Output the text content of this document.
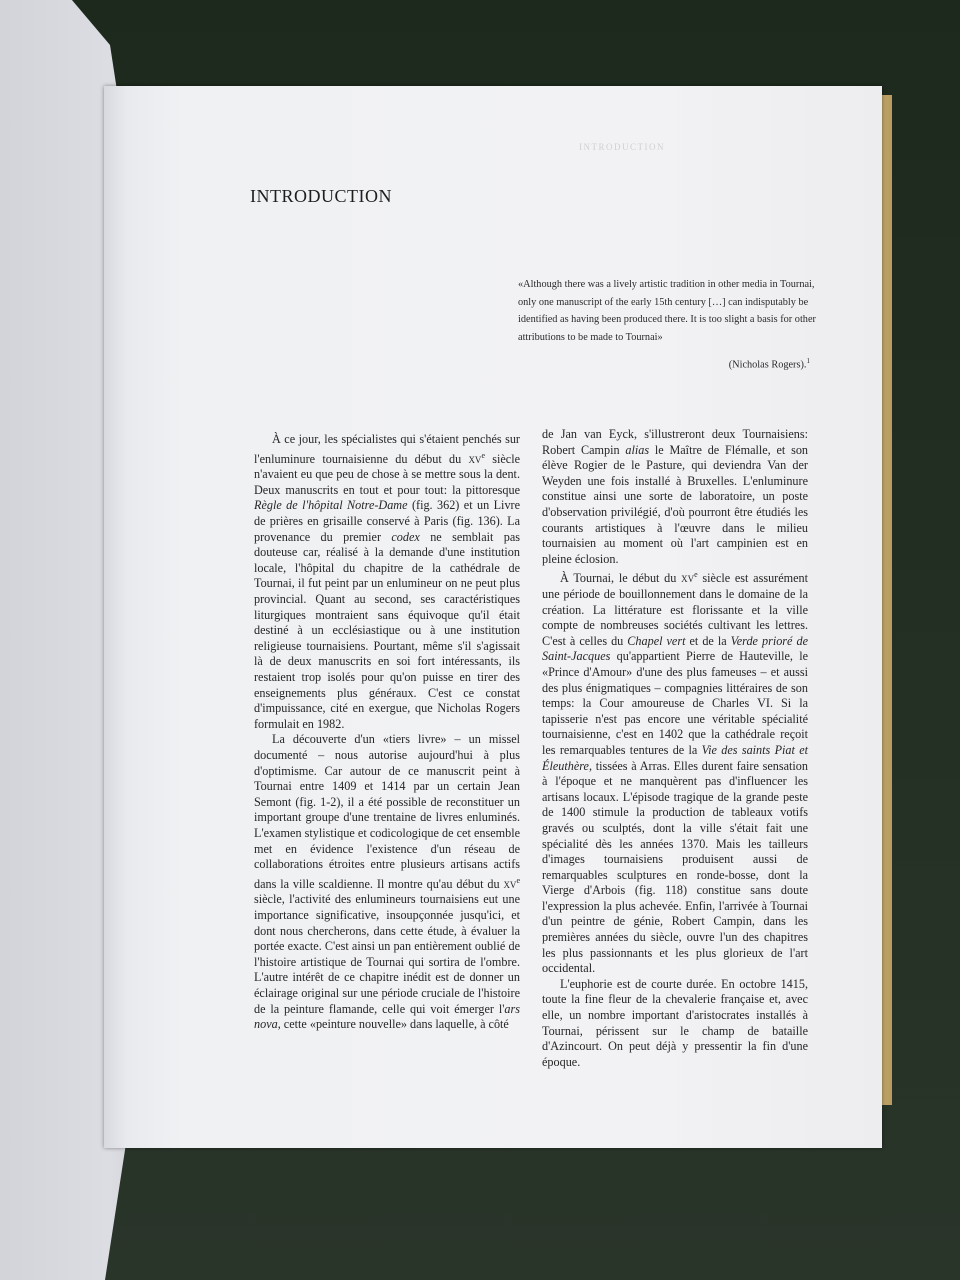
INTRODUCTION
INTRODUCTION

«Although there was a lively artistic tradition in other media in Tournai, only one manuscript of the early 15th century […] can indisputably be identified as having been produced there. It is too slight a basis for other attributions to be made to Tournai»

(Nicholas Rogers).$^1$

À ce jour, les spécialistes qui s'étaient penchés sur l'enluminure tournaisienne du début du $xv^e$ siècle n'avaient eu que peu de chose à se mettre sous la dent. Deux manuscrits en tout et pour tout: la pittoresque Règle de l'hôpital Notre-Dame (fig. 362) et un Livre de prières en grisaille conservé à Paris (fig. 136). La provenance du premier codex ne semblait pas douteuse car, réalisé à la demande d'une institution locale, l'hôpital du chapitre de la cathédrale de Tournai, il fut peint par un enlumineur on ne peut plus provincial. Quant au second, ses caractéristiques liturgiques montraient sans équivoque qu'il était destiné à un ecclésiastique ou à une institution religieuse tournaisiens. Pourtant, même s'il s'agissait là de deux manuscrits en soi fort intéressants, ils restaient trop isolés pour qu'on puisse en tirer des enseignements plus généraux. C'est ce constat d'impuissance, cité en exergue, que Nicholas Rogers formulait en 1982.

La découverte d'un «tiers livre» – un missel documenté – nous autorise aujourd'hui à plus d'optimisme. Car autour de ce manuscrit peint à Tournai entre 1409 et 1414 par un certain Jean Semont (fig. 1-2), il a été possible de reconstituer un important groupe d'une trentaine de livres enluminés. L'examen stylistique et codicologique de cet ensemble met en évidence l'existence d'un réseau de collaborations étroites entre plusieurs artisans actifs dans la ville scaldienne. Il montre qu'au début du $xv^e$ siècle, l'activité des enlumineurs tournaisiens eut une importance significative, insoupçonnée jusqu'ici, et dont nous chercherons, dans cette étude, à évaluer la portée exacte. C'est ainsi un pan entièrement oublié de l'histoire artistique de Tournai qui sortira de l'ombre. L'autre intérêt de ce chapitre inédit est de donner un éclairage original sur une période cruciale de l'histoire de la peinture flamande, celle qui voit émerger l'ars nova, cette «peinture nouvelle» dans laquelle, à côté

de Jan van Eyck, s'illustreront deux Tournaisiens: Robert Campin alias le Maître de Flémalle, et son élève Rogier de le Pasture, qui deviendra Van der Weyden une fois installé à Bruxelles. L'enluminure constitue ainsi une sorte de laboratoire, un poste d'observation privilégié, d'où pourront être étudiés les courants artistiques à l'œuvre dans le milieu tournaisien au moment où l'art campinien est en pleine éclosion.

À Tournai, le début du $xv^e$ siècle est assurément une période de bouillonnement dans le domaine de la création. La littérature est florissante et la ville compte de nombreuses sociétés cultivant les lettres. C'est à celles du Chapel vert et de la Verde prioré de Saint-Jacques qu'appartient Pierre de Hauteville, le «Prince d'Amour» d'une des plus fameuses – et aussi des plus énigmatiques – compagnies littéraires de son temps: la Cour amoureuse de Charles VI. Si la tapisserie n'est pas encore une véritable spécialité tournaisienne, c'est en 1402 que la cathédrale reçoit les remarquables tentures de la Vie des saints Piat et Éleuthère, tissées à Arras. Elles durent faire sensation à l'époque et ne manquèrent pas d'influencer les artisans locaux. L'épisode tragique de la grande peste de 1400 stimule la production de tableaux votifs gravés ou sculptés, dont la ville s'était fait une spécialité dès les années 1370. Mais les tailleurs d'images tournaisiens produisent aussi de remarquables sculptures en ronde-bosse, dont la Vierge d'Arbois (fig. 118) constitue sans doute l'expression la plus achevée. Enfin, l'arrivée à Tournai d'un peintre de génie, Robert Campin, dans les premières années du siècle, ouvre l'un des chapitres les plus passionnants et les plus glorieux de l'art occidental.

L'euphorie est de courte durée. En octobre 1415, toute la fine fleur de la chevalerie française et, avec elle, un nombre important d'aristocrates installés à Tournai, périssent sur le champ de bataille d'Azincourt. On peut déjà y pressentir la fin d'une époque.
